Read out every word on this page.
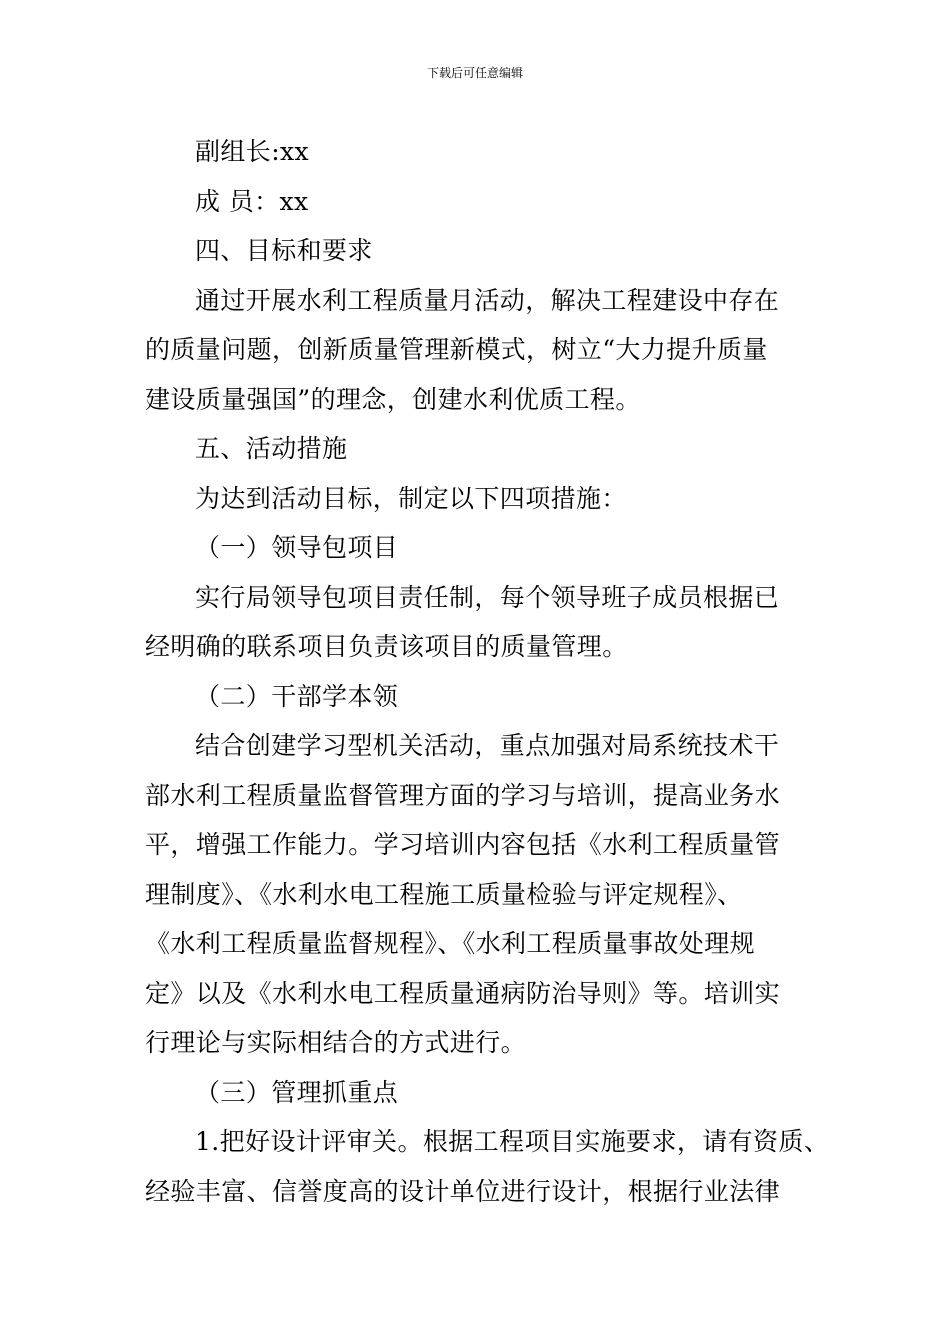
下载后可任意编辑
副组长:xx
成 员：xx
四、目标和要求
通过开展水利工程质量月活动，解决工程建设中存在
的质量问题，创新质量管理新模式，树立“大力提升质量
建设质量强国”的理念，创建水利优质工程。
五、活动措施
为达到活动目标，制定以下四项措施：
（一）领导包项目
实行局领导包项目责任制，每个领导班子成员根据已
经明确的联系项目负责该项目的质量管理。
（二）干部学本领
结合创建学习型机关活动，重点加强对局系统技术干
部水利工程质量监督管理方面的学习与培训，提高业务水
平，增强工作能力。学习培训内容包括《水利工程质量管
理制度》、《水利水电工程施工质量检验与评定规程》、
《水利工程质量监督规程》、《水利工程质量事故处理规
定》以及《水利水电工程质量通病防治导则》等。培训实
行理论与实际相结合的方式进行。
（三）管理抓重点
1.把好设计评审关。根据工程项目实施要求，请有资质、
经验丰富、信誉度高的设计单位进行设计，根据行业法律
